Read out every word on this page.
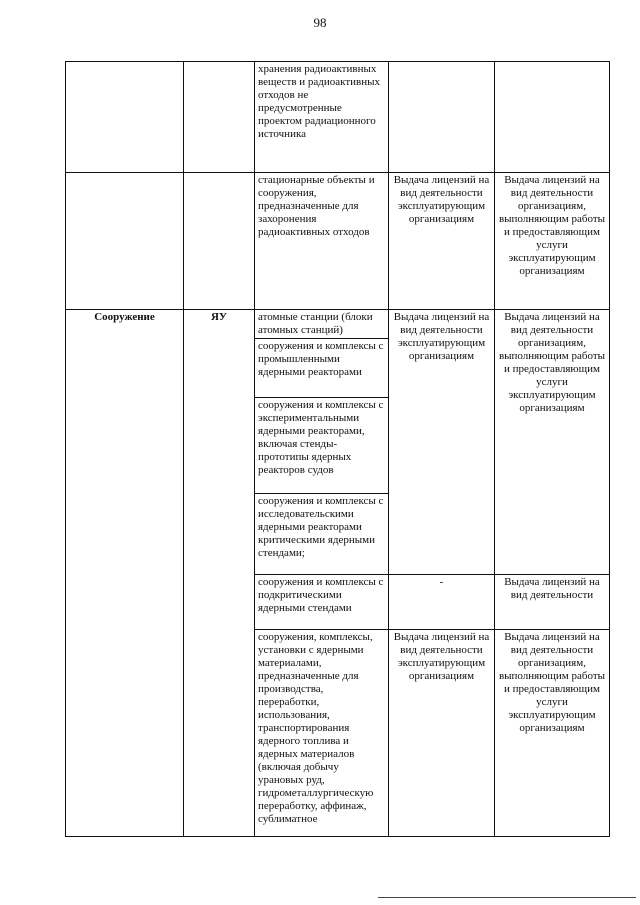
98
		хранения радиоактивных веществ и радиоактивных отходов не предусмотренные проектом радиационного источника		
		стационарные объекты и сооружения, предназначенные для захоронения радиоактивных отходов	Выдача лицензий на вид деятельности эксплуатирующим организациям	Выдача лицензий на вид деятельности организациям, выполняющим работы и предоставляющим услуги эксплуатирующим организациям
Сооружение	ЯУ	атомные станции (блоки атомных станций)	Выдача лицензий на вид деятельности эксплуатирующим организациям	Выдача лицензий на вид деятельности организациям, выполняющим работы и предоставляющим услуги эксплуатирующим организациям
		сооружения и комплексы с промышленными ядерными реакторами		
		сооружения и комплексы с экспериментальными ядерными реакторами, включая стенды-прототипы ядерных реакторов судов		
		сооружения и комплексы с исследовательскими ядерными реакторами критическими ядерными стендами;		
		сооружения и комплексы с подкритическими ядерными стендами	-	Выдача лицензий на вид деятельности
		сооружения, комплексы, установки с ядерными материалами, предназначенные для производства, переработки, использования, транспортирования ядерного топлива и ядерных материалов (включая добычу урановых руд, гидрометаллургическую переработку, аффинаж, сублиматное	Выдача лицензий на вид деятельности эксплуатирующим организациям	Выдача лицензий на вид деятельности организациям, выполняющим работы и предоставляющим услуги эксплуатирующим организациям
